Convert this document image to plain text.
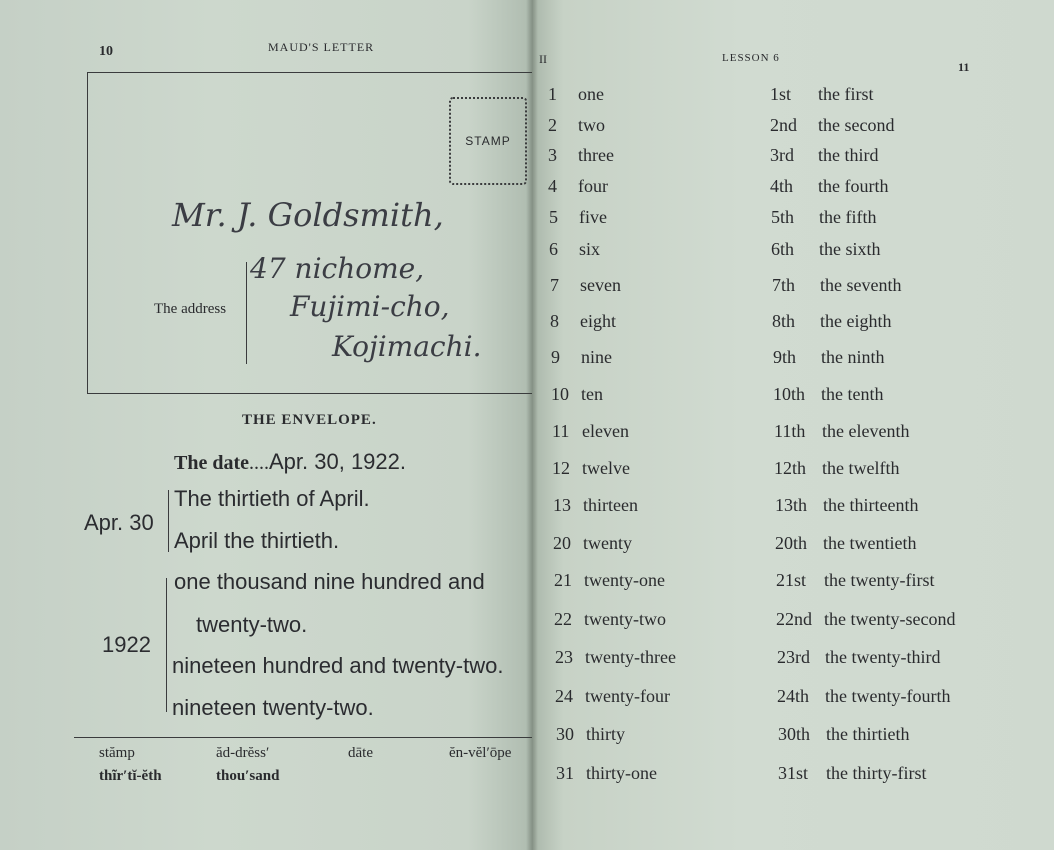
10	MAUD'S LETTER
STAMP
Mr. J. Goldsmith,
The address
47 nichome,
Fujimi-cho,
Kojimachi.
THE ENVELOPE.
The date....Apr. 30, 1922.
Apr. 30
The thirtieth of April.
April the thirtieth.
1922
one thousand nine hundred and
twenty-two.
nineteen hundred and twenty-two.
nineteen twenty-two.
stămp	ăd-drĕss′	dāte	ĕn-vĕl′ōpe
thĩr′tĭ-ĕth	thou′sand
II	LESSON 6
11
1 one	1st the first
2 two	2nd the second
3 three	3rd the third
4 four	4th the fourth
5 five	5th the fifth
6 six	6th the sixth
7 seven	7th the seventh
8 eight	8th the eighth
9 nine	9th the ninth
10 ten	10th the tenth
11 eleven	11th the eleventh
12 twelve	12th the twelfth
13 thirteen	13th the thirteenth
20 twenty	20th the twentieth
21 twenty-one	21st the twenty-first
22 twenty-two	22nd the twenty-second
23 twenty-three	23rd the twenty-third
24 twenty-four	24th the twenty-fourth
30 thirty	30th the thirtieth
31 thirty-one	31st the thirty-first
